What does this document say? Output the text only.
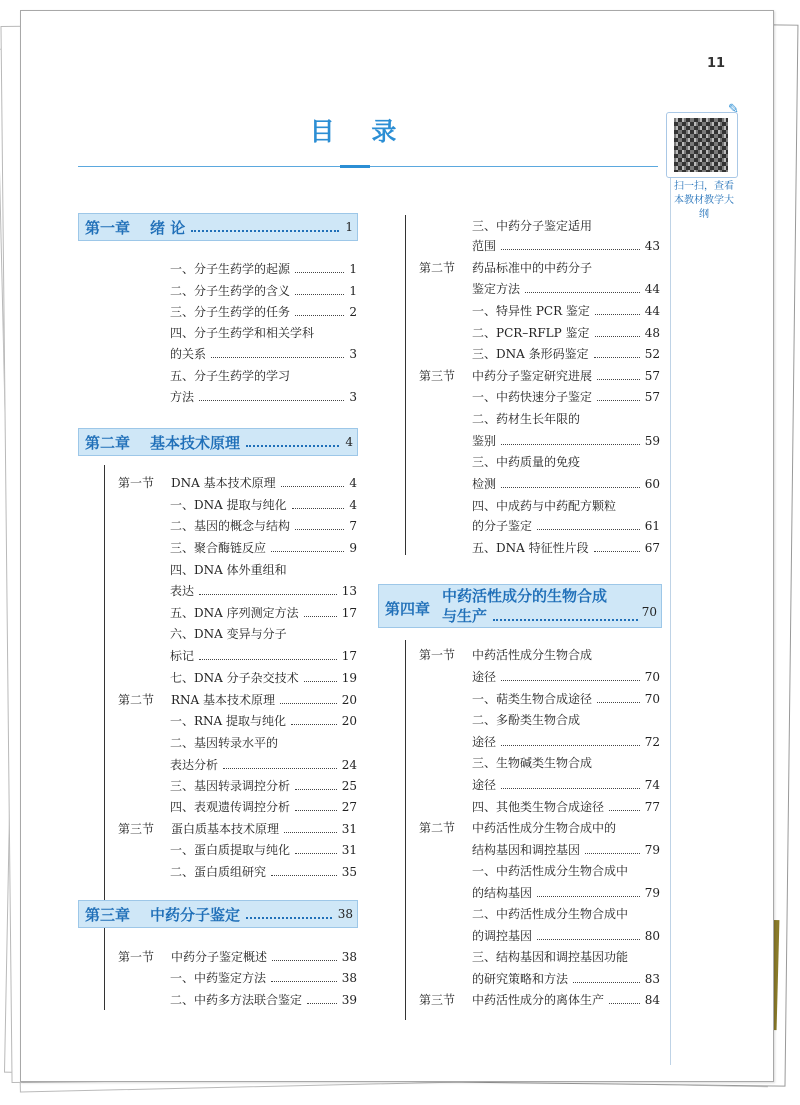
11
目 录
✎
扫一扫，查看本教材教学大纲
第一章 绪 论	1
一、分子生药学的起源	1
二、分子生药学的含义	1
三、分子生药学的任务	2
四、分子生药学和相关学科
的关系	3
五、分子生药学的学习
方法	3
第二章 基本技术原理	4
第一节	DNA 基本技术原理	4
一、DNA 提取与纯化	4
二、基因的概念与结构	7
三、聚合酶链反应	9
四、DNA 体外重组和
表达	13
五、DNA 序列测定方法	17
六、DNA 变异与分子
标记	17
七、DNA 分子杂交技术	19
第二节	RNA 基本技术原理	20
一、RNA 提取与纯化	20
二、基因转录水平的
表达分析	24
三、基因转录调控分析	25
四、表观遗传调控分析	27
第三节	蛋白质基本技术原理	31
一、蛋白质提取与纯化	31
二、蛋白质组研究	35
第三章 中药分子鉴定	38
第一节	中药分子鉴定概述	38
一、中药鉴定方法	38
二、中药多方法联合鉴定	39
三、中药分子鉴定适用
范围	43
第二节	药品标准中的中药分子
鉴定方法	44
一、特异性 PCR 鉴定	44
二、PCR–RFLP 鉴定	48
三、DNA 条形码鉴定	52
第三节	中药分子鉴定研究进展	57
一、中药快速分子鉴定	57
二、药材生长年限的
鉴别	59
三、中药质量的免疫
检测	60
四、中成药与中药配方颗粒
的分子鉴定	61
五、DNA 特征性片段	67
第四章
中药活性成分的生物合成
与生产	70
第一节	中药活性成分生物合成
途径	70
一、萜类生物合成途径	70
二、多酚类生物合成
途径	72
三、生物碱类生物合成
途径	74
四、其他类生物合成途径	77
第二节	中药活性成分生物合成中的
结构基因和调控基因	79
一、中药活性成分生物合成中
的结构基因	79
二、中药活性成分生物合成中
的调控基因	80
三、结构基因和调控基因功能
的研究策略和方法	83
第三节	中药活性成分的离体生产	84
